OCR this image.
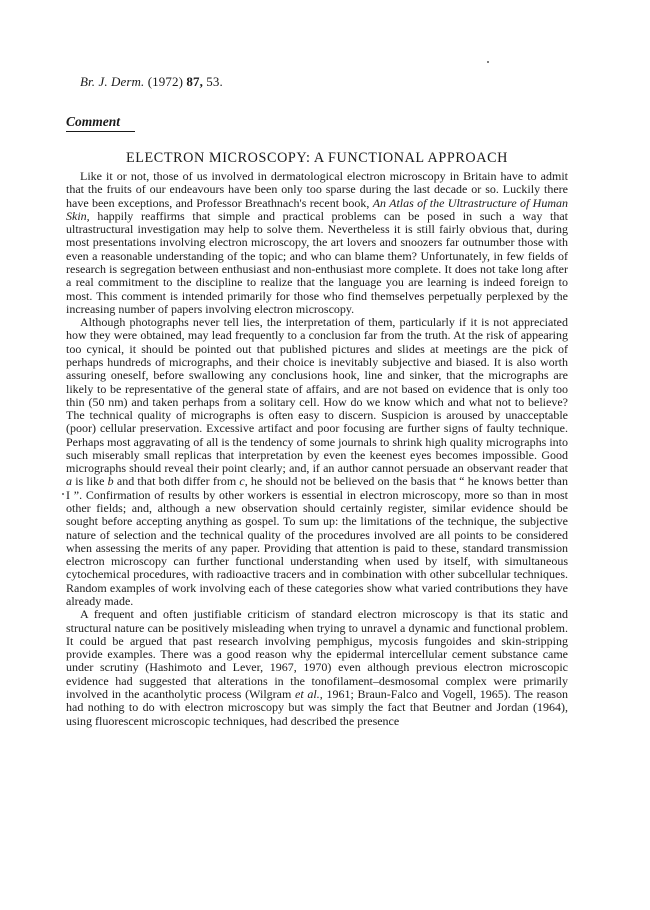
Br. J. Derm. (1972) 87, 53.
Comment
ELECTRON MICROSCOPY: A FUNCTIONAL APPROACH

Like it or not, those of us involved in dermatological electron microscopy in Britain have to admit that the fruits of our endeavours have been only too sparse during the last decade or so. Luckily there have been exceptions, and Professor Breathnach's recent book, An Atlas of the Ultrastructure of Human Skin, happily reaffirms that simple and practical problems can be posed in such a way that ultrastructural investigation may help to solve them. Nevertheless it is still fairly obvious that, during most presentations involving electron microscopy, the art lovers and snoozers far outnumber those with even a reasonable understanding of the topic; and who can blame them? Unfortunately, in few fields of research is segregation between enthusiast and non-enthusiast more complete. It does not take long after a real commitment to the discipline to realize that the language you are learning is indeed foreign to most. This comment is intended primarily for those who find themselves perpetually perplexed by the increasing number of papers involving electron microscopy.

Although photographs never tell lies, the interpretation of them, particularly if it is not appreciated how they were obtained, may lead frequently to a conclusion far from the truth. At the risk of appearing too cynical, it should be pointed out that published pictures and slides at meetings are the pick of perhaps hundreds of micrographs, and their choice is inevitably subjective and biased. It is also worth assuring oneself, before swallowing any conclusions hook, line and sinker, that the micrographs are likely to be representative of the general state of affairs, and are not based on evidence that is only too thin (50 nm) and taken perhaps from a solitary cell. How do we know which and what not to believe? The technical quality of micrographs is often easy to discern. Suspicion is aroused by unacceptable (poor) cellular preservation. Excessive artifact and poor focusing are further signs of faulty technique. Perhaps most aggravating of all is the tendency of some journals to shrink high quality micrographs into such miserably small replicas that interpretation by even the keenest eyes becomes impossible. Good micrographs should reveal their point clearly; and, if an author cannot persuade an observant reader that a is like b and that both differ from c, he should not be believed on the basis that “ he knows better than I ”. Confirmation of results by other workers is essential in electron microscopy, more so than in most other fields; and, although a new observation should certainly register, similar evidence should be sought before accepting anything as gospel. To sum up: the limitations of the technique, the subjective nature of selection and the technical quality of the procedures involved are all points to be considered when assessing the merits of any paper. Providing that attention is paid to these, standard transmission electron microscopy can further functional understanding when used by itself, with simultaneous cytochemical procedures, with radioactive tracers and in combination with other subcellular techniques. Random examples of work involving each of these categories show what varied contributions they have already made.

A frequent and often justifiable criticism of standard electron microscopy is that its static and structural nature can be positively misleading when trying to unravel a dynamic and functional problem. It could be argued that past research involving pemphigus, mycosis fungoides and skin-stripping provide examples. There was a good reason why the epidermal intercellular cement substance came under scrutiny (Hashimoto and Lever, 1967, 1970) even although previous electron microscopic evidence had suggested that alterations in the tonofilament–desmosomal complex were primarily involved in the acantholytic process (Wilgram et al., 1961; Braun-Falco and Vogell, 1965). The reason had nothing to do with electron microscopy but was simply the fact that Beutner and Jordan (1964), using fluorescent microscopic techniques, had described the presence
